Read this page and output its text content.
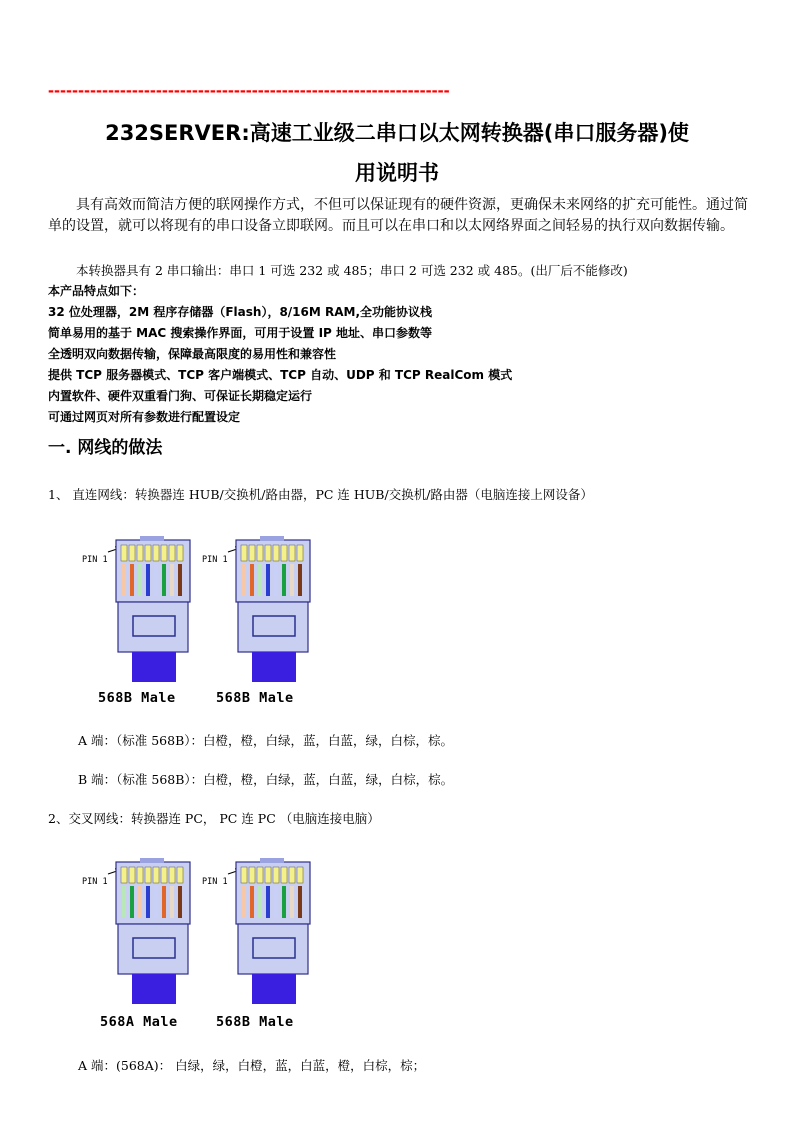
-------------------------------------------------------------------
232SERVER:高速工业级二串口以太网转换器(串口服务器)使
用说明书
具有高效而简洁方便的联网操作方式，不但可以保证现有的硬件资源，更确保未来网络的扩充可能性。通过简单的设置，就可以将现有的串口设备立即联网。而且可以在串口和以太网络界面之间轻易的执行双向数据传输。
本转换器具有 2 串口输出：串口 1 可选 232 或 485；串口 2 可选 232 或 485。(出厂后不能修改)
本产品特点如下：
32 位处理器，2M 程序存储器（Flash），8/16M RAM,全功能协议栈
简单易用的基于 MAC 搜索操作界面，可用于设置 IP 地址、串口参数等
全透明双向数据传输，保障最高限度的易用性和兼容性
提供 TCP 服务器模式、TCP 客户端模式、TCP 自动、UDP 和 TCP RealCom 模式
内置软件、硬件双重看门狗、可保证长期稳定运行
可通过网页对所有参数进行配置设定
一. 网线的做法
1、 直连网线：转换器连 HUB/交换机/路由器，PC 连 HUB/交换机/路由器（电脑连接上网设备）
PIN 1
568B Male
PIN 1
568B Male
A 端：（标准 568B）：白橙，橙，白绿，蓝，白蓝，绿，白棕，棕。
B 端：（标准 568B）：白橙，橙，白绿，蓝，白蓝，绿，白棕，棕。
2、交叉网线：转换器连 PC， PC 连 PC （电脑连接电脑）
PIN 1
568A Male
PIN 1
568B Male
A 端：(568A)： 白绿，绿，白橙，蓝，白蓝，橙，白棕，棕；
